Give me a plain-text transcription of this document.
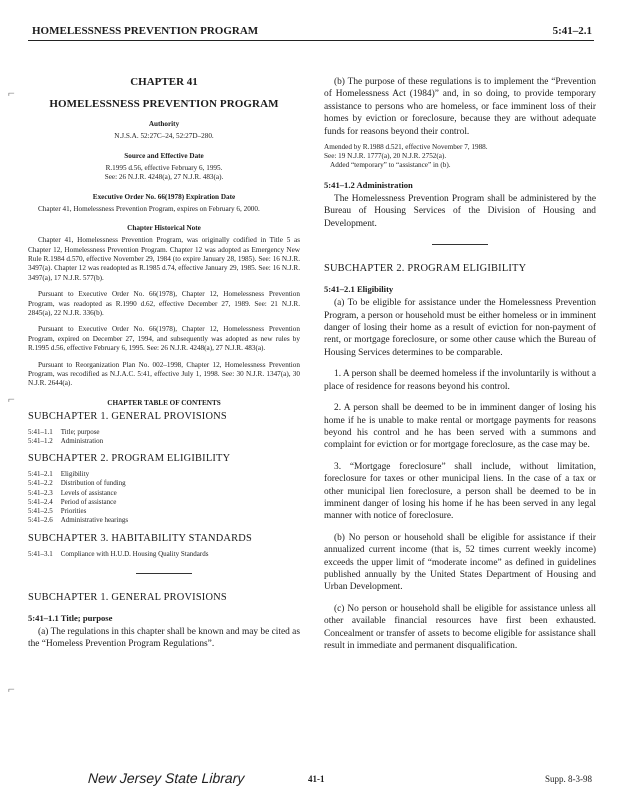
HOMELESSNESS PREVENTION PROGRAM	5:41–2.1
⌐
⌐
⌐

CHAPTER 41

HOMELESSNESS PREVENTION PROGRAM

Authority

N.J.S.A. 52:27C–24, 52:27D–280.

Source and Effective Date

R.1995 d.56, effective February 6, 1995.

See: 26 N.J.R. 4248(a), 27 N.J.R. 483(a).

Executive Order No. 66(1978) Expiration Date

Chapter 41, Homelessness Prevention Program, expires on February 6, 2000.

Chapter Historical Note

Chapter 41, Homelessness Prevention Program, was originally codified in Title 5 as Chapter 12, Homelessness Prevention Program. Chapter 12 was adopted as Emergency New Rule R.1984 d.570, effective November 29, 1984 (to expire January 28, 1985). See: 16 N.J.R. 3497(a). Chapter 12 was readopted as R.1985 d.74, effective January 29, 1985. See: 16 N.J.R. 3497(a), 17 N.J.R. 577(b).

Pursuant to Executive Order No. 66(1978), Chapter 12, Homelessness Prevention Program, was readopted as R.1990 d.62, effective December 27, 1989. See: 21 N.J.R. 2845(a), 22 N.J.R. 336(b).

Pursuant to Executive Order No. 66(1978), Chapter 12, Homelessness Prevention Program, expired on December 27, 1994, and subsequently was adopted as new rules by R.1995 d.56, effective February 6, 1995. See: 26 N.J.R. 4248(a), 27 N.J.R. 483(a).

Pursuant to Reorganization Plan No. 002–1998, Chapter 12, Homelessness Prevention Program, was recodified as N.J.A.C. 5:41, effective July 1, 1998. See: 30 N.J.R. 1347(a), 30 N.J.R. 2644(a).

CHAPTER TABLE OF CONTENTS

SUBCHAPTER 1. GENERAL PROVISIONS

5:41–1.1	Title; purpose
5:41–1.2	Administration

SUBCHAPTER 2. PROGRAM ELIGIBILITY

5:41–2.1	Eligibility
5:41–2.2	Distribution of funding
5:41–2.3	Levels of assistance
5:41–2.4	Period of assistance
5:41–2.5	Priorities
5:41–2.6	Administrative hearings

SUBCHAPTER 3. HABITABILITY STANDARDS

5:41–3.1	Compliance with H.U.D. Housing Quality Standards

SUBCHAPTER 1. GENERAL PROVISIONS

5:41–1.1 Title; purpose

(a) The regulations in this chapter shall be known and may be cited as the “Homeless Prevention Program Regulations”.

(b) The purpose of these regulations is to implement the “Prevention of Homelessness Act (1984)” and, in so doing, to provide temporary assistance to persons who are homeless, or face imminent loss of their homes by eviction or foreclosure, because they are without adequate funds for reasons beyond their control.

Amended by R.1988 d.521, effective November 7, 1988.
See: 19 N.J.R. 1777(a), 20 N.J.R. 2752(a).
Added “temporary” to “assistance” in (b).

5:41–1.2 Administration

The Homelessness Prevention Program shall be administered by the Bureau of Housing Services of the Division of Housing and Development.

SUBCHAPTER 2. PROGRAM ELIGIBILITY

5:41–2.1 Eligibility

(a) To be eligible for assistance under the Homelessness Prevention Program, a person or household must be either homeless or in imminent danger of losing their home as a result of eviction for non-payment of rent, or mortgage foreclosure, or some other cause which the Bureau of Housing Services determines to be comparable.

1. A person shall be deemed homeless if the involuntarily is without a place of residence for reasons beyond his control.

2. A person shall be deemed to be in imminent danger of losing his home if he is unable to make rental or mortgage payments for reasons beyond his control and he has been served with a summons and complaint for eviction or for mortgage foreclosure, as the case may be.

3. “Mortgage foreclosure” shall include, without limitation, foreclosure for taxes or other municipal liens. In the case of a tax or other municipal lien foreclosure, a person shall be deemed to be in imminent danger of losing his home if he has been served in any legal manner with notice of foreclosure.

(b) No person or household shall be eligible for assistance if their annualized current income (that is, 52 times current weekly income) exceeds the upper limit of “moderate income” as defined in guidelines published annually by the United States Department of Housing and Urban Development.

(c) No person or household shall be eligible for assistance unless all other available financial resources have first been exhausted. Concealment or transfer of assets to become eligible for assistance shall result in immediate and permanent disqualification.

New Jersey State Library	41-1	Supp. 8-3-98
